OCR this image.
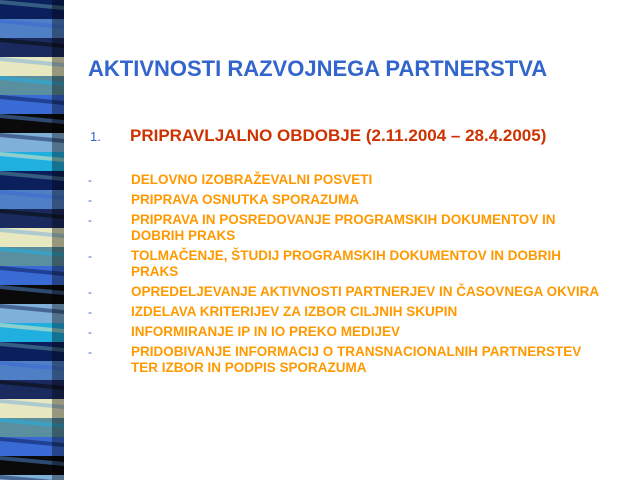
AKTIVNOSTI RAZVOJNEGA PARTNERSTVA
1.	PRIPRAVLJALNO OBDOBJE (2.11.2004 – 28.4.2005)
-	DELOVNO IZOBRAŽEVALNI POSVETI
-	PRIPRAVA OSNUTKA SPORAZUMA
-	PRIPRAVA IN POSREDOVANJE PROGRAMSKIH DOKUMENTOV IN DOBRIH PRAKS
-	TOLMAČENJE, ŠTUDIJ PROGRAMSKIH DOKUMENTOV IN DOBRIH PRAKS
-	OPREDELJEVANJE AKTIVNOSTI PARTNERJEV IN ČASOVNEGA OKVIRA
-	IZDELAVA KRITERIJEV ZA IZBOR CILJNIH SKUPIN
-	INFORMIRANJE IP IN IO PREKO MEDIJEV
-	PRIDOBIVANJE INFORMACIJ O TRANSNACIONALNIH PARTNERSTEV TER IZBOR IN PODPIS SPORAZUMA
